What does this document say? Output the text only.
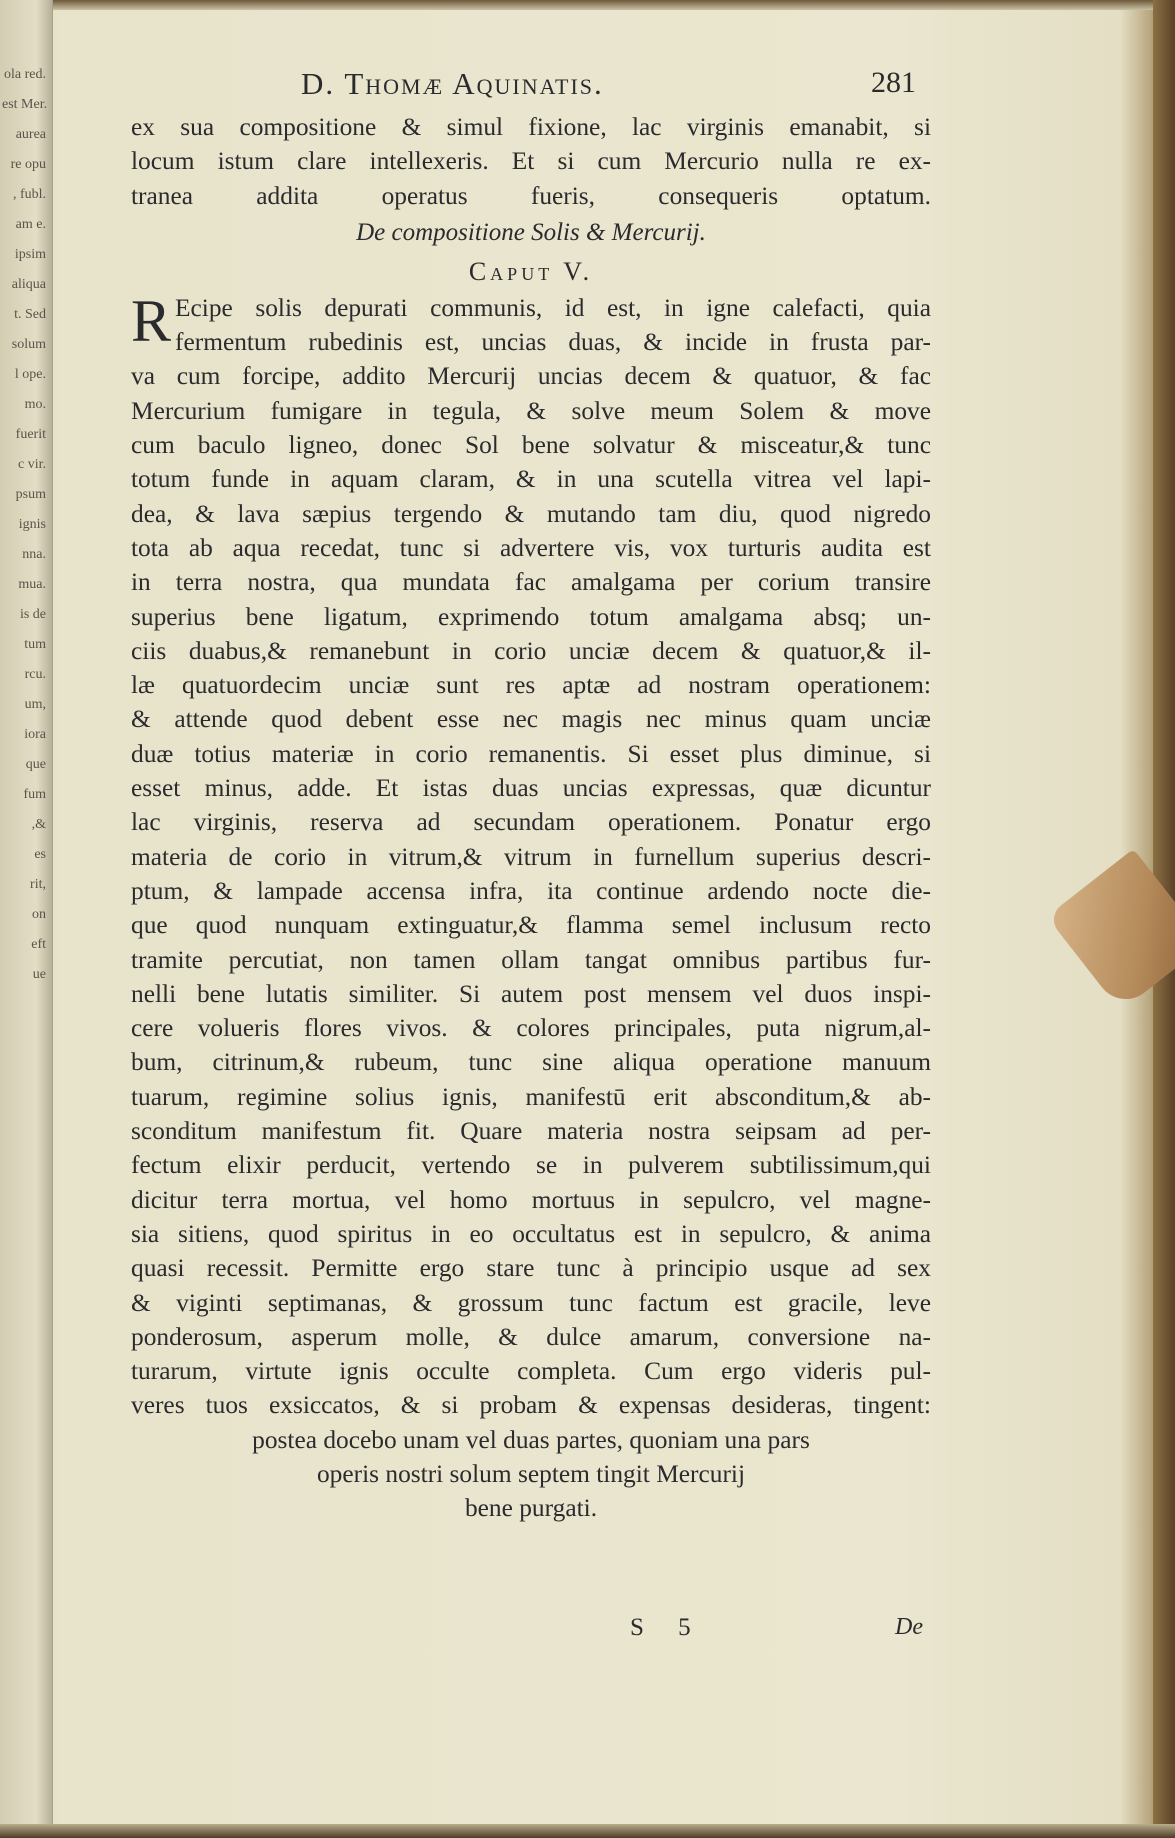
ola red.
est Mer.
aurea
re opu
, fubl.
am e.
ipsim
aliqua
t. Sed
solum
l ope.
mo.
fuerit
c vir.
psum
ignis
nna.
mua.
is de
tum
rcu.
um,
iora
que
fum
,&
es
rit,
on
eft
ue
D. Thomæ Aquinatis.	281
ex sua compositione & simul fixione, lac virginis emanabit, si
locum istum clare intellexeris. Et si cum Mercurio nulla re ex-
tranea addita operatus fueris, consequeris optatum.
De compositione Solis & Mercurij.
Caput V.
R Ecipe solis depurati communis, id est, in igne calefacti, quia
fermentum rubedinis est, uncias duas, & incide in frusta par-
va cum forcipe, addito Mercurij uncias decem & quatuor, & fac
Mercurium fumigare in tegula, & solve meum Solem & move
cum baculo ligneo, donec Sol bene solvatur & misceatur,& tunc
totum funde in aquam claram, & in una scutella vitrea vel lapi-
dea, & lava sæpius tergendo & mutando tam diu, quod nigredo
tota ab aqua recedat, tunc si advertere vis, vox turturis audita est
in terra nostra, qua mundata fac amalgama per corium transire
superius bene ligatum, exprimendo totum amalgama absq; un-
ciis duabus,& remanebunt in corio unciæ decem & quatuor,& il-
læ quatuordecim unciæ sunt res aptæ ad nostram operationem:
& attende quod debent esse nec magis nec minus quam unciæ
duæ totius materiæ in corio remanentis. Si esset plus diminue, si
esset minus, adde. Et istas duas uncias expressas, quæ dicuntur
lac virginis, reserva ad secundam operationem. Ponatur ergo
materia de corio in vitrum,& vitrum in furnellum superius descri-
ptum, & lampade accensa infra, ita continue ardendo nocte die-
que quod nunquam extinguatur,& flamma semel inclusum recto
tramite percutiat, non tamen ollam tangat omnibus partibus fur-
nelli bene lutatis similiter. Si autem post mensem vel duos inspi-
cere volueris flores vivos. & colores principales, puta nigrum,al-
bum, citrinum,& rubeum, tunc sine aliqua operatione manuum
tuarum, regimine solius ignis, manifestū erit absconditum,& ab-
sconditum manifestum fit. Quare materia nostra seipsam ad per-
fectum elixir perducit, vertendo se in pulverem subtilissimum,qui
dicitur terra mortua, vel homo mortuus in sepulcro, vel magne-
sia sitiens, quod spiritus in eo occultatus est in sepulcro, & anima
quasi recessit. Permitte ergo stare tunc à principio usque ad sex
& viginti septimanas, & grossum tunc factum est gracile, leve
ponderosum, asperum molle, & dulce amarum, conversione na-
turarum, virtute ignis occulte completa. Cum ergo videris pul-
veres tuos exsiccatos, & si probam & expensas desideras, tingent:
postea docebo unam vel duas partes, quoniam una pars
operis nostri solum septem tingit Mercurij
bene purgati.
S 5	De
